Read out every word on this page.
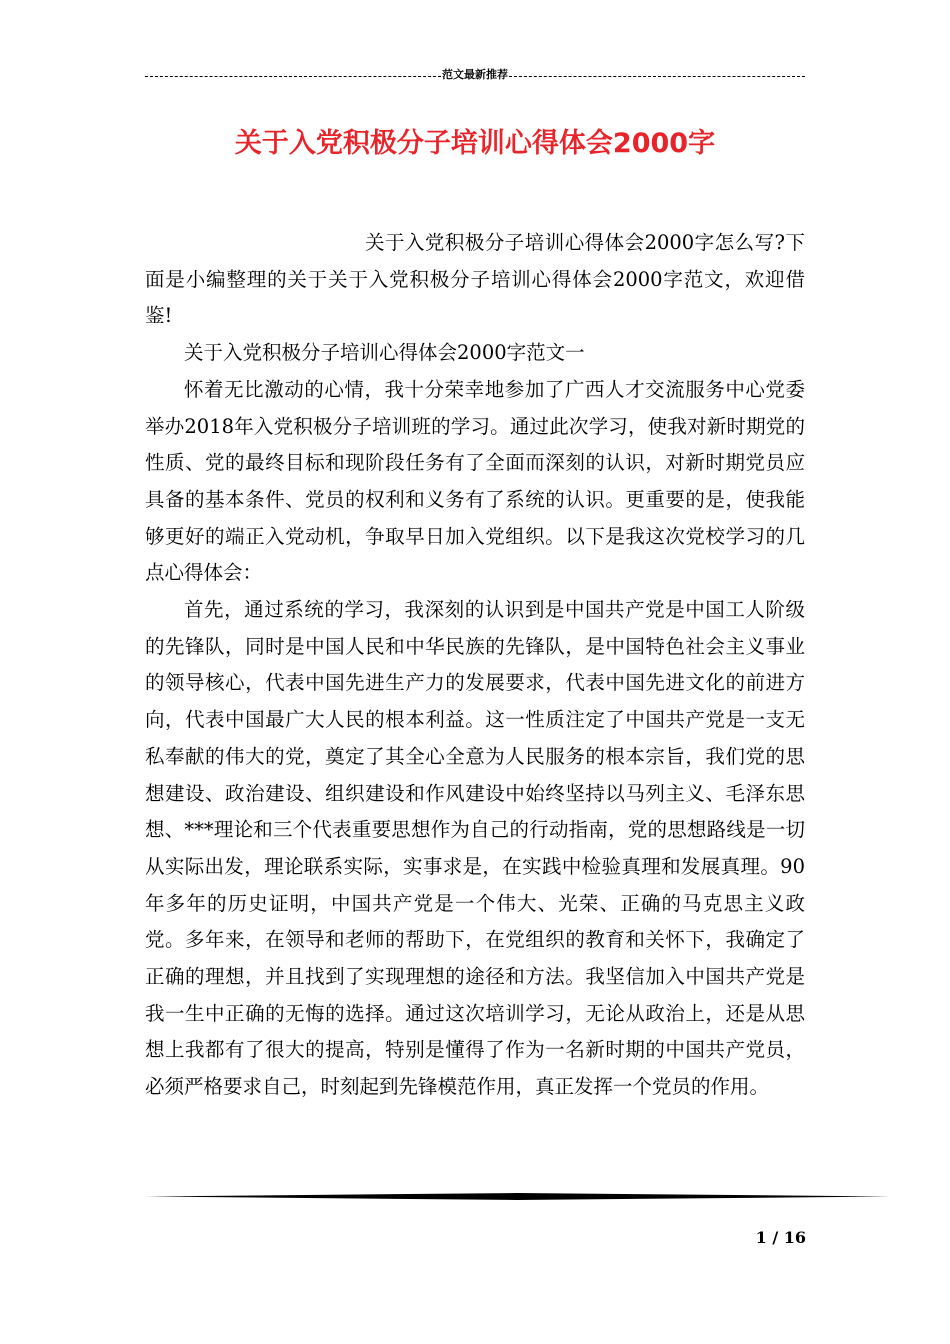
范文最新推荐
关于入党积极分子培训心得体会2000字

关于入党积极分子培训心得体会2000字怎么写?下面是小编整理的关于关于入党积极分子培训心得体会2000字范文，欢迎借鉴!

关于入党积极分子培训心得体会2000字范文一

怀着无比激动的心情，我十分荣幸地参加了广西人才交流服务中心党委举办2018年入党积极分子培训班的学习。通过此次学习，使我对新时期党的性质、党的最终目标和现阶段任务有了全面而深刻的认识，对新时期党员应具备的基本条件、党员的权利和义务有了系统的认识。更重要的是，使我能够更好的端正入党动机，争取早日加入党组织。以下是我这次党校学习的几点心得体会：

首先，通过系统的学习，我深刻的认识到是中国共产党是中国工人阶级的先锋队，同时是中国人民和中华民族的先锋队，是中国特色社会主义事业的领导核心，代表中国先进生产力的发展要求，代表中国先进文化的前进方向，代表中国最广大人民的根本利益。这一性质注定了中国共产党是一支无私奉献的伟大的党，奠定了其全心全意为人民服务的根本宗旨，我们党的思想建设、政治建设、组织建设和作风建设中始终坚持以马列主义、毛泽东思想、***理论和三个代表重要思想作为自己的行动指南，党的思想路线是一切从实际出发，理论联系实际，实事求是，在实践中检验真理和发展真理。90年多年的历史证明，中国共产党是一个伟大、光荣、正确的马克思主义政党。多年来，在领导和老师的帮助下，在党组织的教育和关怀下，我确定了正确的理想，并且找到了实现理想的途径和方法。我坚信加入中国共产党是我一生中正确的无悔的选择。通过这次培训学习，无论从政治上，还是从思想上我都有了很大的提高，特别是懂得了作为一名新时期的中国共产党员，必须严格要求自己，时刻起到先锋模范作用，真正发挥一个党员的作用。

1 / 16
